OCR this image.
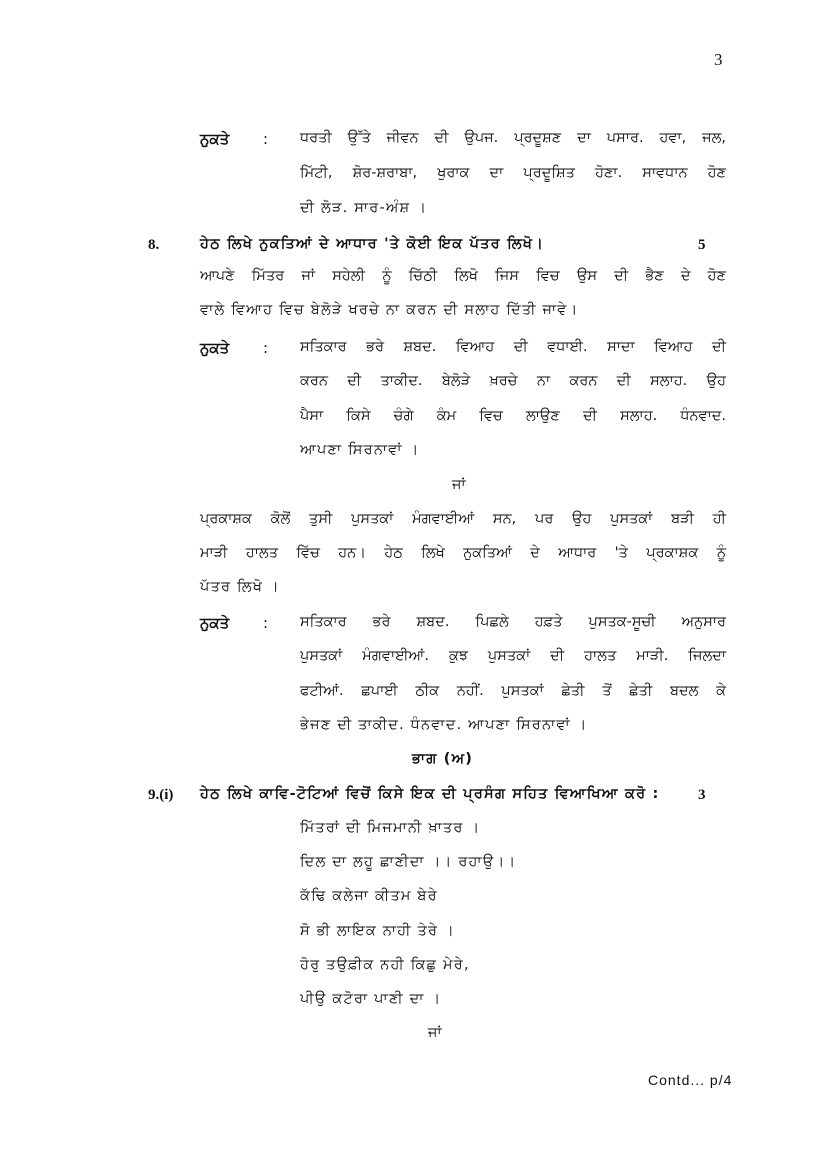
3
ਨੁਕਤੇ : ਧਰਤੀ ਉੱਤੇ ਜੀਵਨ ਦੀ ਉਪਜ. ਪ੍ਰਦੂਸ਼ਣ ਦਾ ਪਸਾਰ. ਹਵਾ, ਜਲ,
ਮਿੱਟੀ, ਸ਼ੋਰ-ਸ਼ਰਾਬਾ, ਖੁਰਾਕ ਦਾ ਪ੍ਰਦੂਸ਼ਿਤ ਹੋਣਾ. ਸਾਵਧਾਨ ਹੋਣ
ਦੀ ਲੋੜ. ਸਾਰ-ਅੰਸ਼ ।
8.	ਹੇਠ ਲਿਖੇ ਨੁਕਤਿਆਂ ਦੇ ਆਧਾਰ 'ਤੇ ਕੋਈ ਇਕ ਪੱਤਰ ਲਿਖੋ।	5
ਆਪਣੇ ਮਿੱਤਰ ਜਾਂ ਸਹੇਲੀ ਨੂੰ ਚਿੱਠੀ ਲਿਖੋ ਜਿਸ ਵਿਚ ਉਸ ਦੀ ਭੈਣ ਦੇ ਹੋਣ
ਵਾਲੇ ਵਿਆਹ ਵਿਚ ਬੇਲੋੜੇ ਖਰਚੇ ਨਾ ਕਰਨ ਦੀ ਸਲਾਹ ਦਿੱਤੀ ਜਾਵੇ।
ਨੁਕਤੇ : ਸਤਿਕਾਰ ਭਰੇ ਸ਼ਬਦ. ਵਿਆਹ ਦੀ ਵਧਾਈ. ਸਾਦਾ ਵਿਆਹ ਦੀ
ਕਰਨ ਦੀ ਤਾਕੀਦ. ਬੇਲੋੜੇ ਖ਼ਰਚੇ ਨਾ ਕਰਨ ਦੀ ਸਲਾਹ. ਉਹ
ਪੈਸਾ ਕਿਸੇ ਚੰਗੇ ਕੰਮ ਵਿਚ ਲਾਉਣ ਦੀ ਸਲਾਹ. ਧੰਨਵਾਦ.
ਆਪਣਾ ਸਿਰਨਾਵਾਂ ।
ਜਾਂ
ਪ੍ਰਕਾਸ਼ਕ ਕੋਲੋਂ ਤੁਸੀ ਪੁਸਤਕਾਂ ਮੰਗਵਾਈਆਂ ਸਨ, ਪਰ ਉਹ ਪੁਸਤਕਾਂ ਬੜੀ ਹੀ
ਮਾੜੀ ਹਾਲਤ ਵਿੱਚ ਹਨ। ਹੇਠ ਲਿਖੇ ਨੁਕਤਿਆਂ ਦੇ ਆਧਾਰ 'ਤੇ ਪ੍ਰਕਾਸ਼ਕ ਨੂੰ
ਪੱਤਰ ਲਿਖੋ ।
ਨੁਕਤੇ : ਸਤਿਕਾਰ ਭਰੇ ਸ਼ਬਦ. ਪਿਛਲੇ ਹਫ਼ਤੇ ਪੁਸਤਕ-ਸੂਚੀ ਅਨੁਸਾਰ
ਪੁਸਤਕਾਂ ਮੰਗਵਾਈਆਂ. ਕੁਝ ਪੁਸਤਕਾਂ ਦੀ ਹਾਲਤ ਮਾੜੀ. ਜਿਲਦਾ
ਫਟੀਆਂ. ਛਪਾਈ ਠੀਕ ਨਹੀਂ. ਪੁਸਤਕਾਂ ਛੇਤੀ ਤੋਂ ਛੇਤੀ ਬਦਲ ਕੇ
ਭੇਜਣ ਦੀ ਤਾਕੀਦ. ਧੰਨਵਾਦ. ਆਪਣਾ ਸਿਰਨਾਵਾਂ ।
ਭਾਗ (ਅ)
9.(i) ਹੇਠ ਲਿਖੇ ਕਾਵਿ-ਟੋਟਿਆਂ ਵਿਚੋਂ ਕਿਸੇ ਇਕ ਦੀ ਪ੍ਰਸੰਗ ਸਹਿਤ ਵਿਆਖਿਆ ਕਰੋ :	3
ਮਿੱਤਰਾਂ ਦੀ ਮਿਜਮਾਨੀ ਖ਼ਾਤਰ ।
ਦਿਲ ਦਾ ਲਹੂ ਛਾਣੀਦਾ ।। ਰਹਾਉ।।
ਕੱਢਿ ਕਲੇਜਾ ਕੀਤਮ ਬੇਰੇ
ਸੋ ਭੀ ਲਾਇਕ ਨਾਹੀ ਤੇਰੇ ।
ਹੋਰੁ ਤਉਫ਼ੀਕ ਨਹੀ ਕਿਛੁ ਮੇਰੇ,
ਪੀਉ ਕਟੋਰਾ ਪਾਣੀ ਦਾ ।
ਜਾਂ
Contd... p/4
